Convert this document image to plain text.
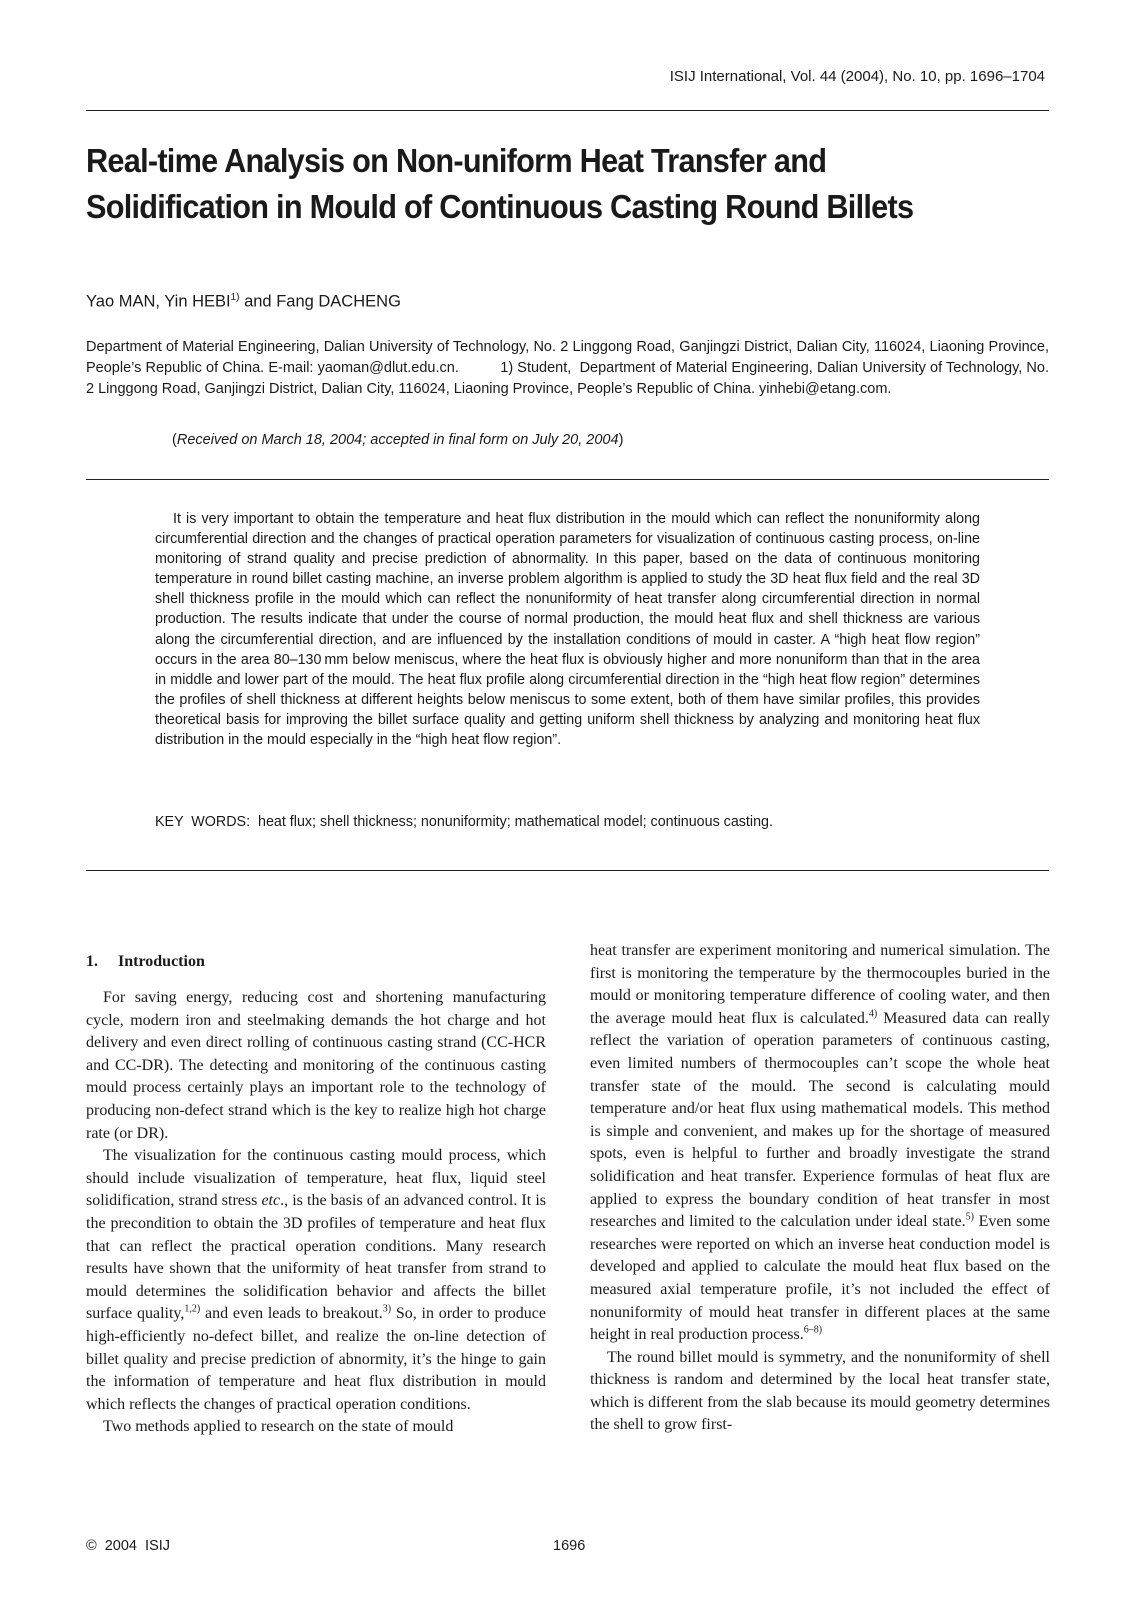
ISIJ International, Vol. 44 (2004), No. 10, pp. 1696–1704
Real-time Analysis on Non-uniform Heat Transfer and
Solidification in Mould of Continuous Casting Round Billets
Yao MAN, Yin HEBI$^{1)}$ and Fang DACHENG
Department of Material Engineering, Dalian University of Technology, No. 2 Linggong Road, Ganjingzi District, Dalian City, 116024, Liaoning Province, People’s Republic of China. E-mail: yaoman@dlut.edu.cn.          1) Student,  Department of Material Engineering, Dalian University of Technology, No. 2 Linggong Road, Ganjingzi District, Dalian City, 116024, Liaoning Province, People’s Republic of China. yinhebi@etang.com.
(Received on March 18, 2004; accepted in final form on July 20, 2004)

It is very important to obtain the temperature and heat flux distribution in the mould which can reflect the nonuniformity along circumferential direction and the changes of practical operation parameters for visualization of continuous casting process, on-line monitoring of strand quality and precise prediction of abnormality. In this paper, based on the data of continuous monitoring temperature in round billet casting machine, an inverse problem algorithm is applied to study the 3D heat flux field and the real 3D shell thickness profile in the mould which can reflect the nonuniformity of heat transfer along circumferential direction in normal production. The results indicate that under the course of normal production, the mould heat flux and shell thickness are various along the circumferential direction, and are influenced by the installation conditions of mould in caster. A “high heat flow region” occurs in the area 80–130 mm below meniscus, where the heat flux is obviously higher and more nonuniform than that in the area in middle and lower part of the mould. The heat flux profile along circumferential direction in the “high heat flow region” determines the profiles of shell thickness at different heights below meniscus to some extent, both of them have similar profiles, this provides theoretical basis for improving the billet surface quality and getting uniform shell thickness by analyzing and monitoring heat flux distribution in the mould especially in the “high heat flow region”.

KEY  WORDS:  heat flux; shell thickness; nonuniformity; mathematical model; continuous casting.
1.  Introduction

For saving energy, reducing cost and shortening manufacturing cycle, modern iron and steelmaking demands the hot charge and hot delivery and even direct rolling of continuous casting strand (CC-HCR and CC-DR). The detecting and monitoring of the continuous casting mould process certainly plays an important role to the technology of producing non-defect strand which is the key to realize high hot charge rate (or DR).

The visualization for the continuous casting mould process, which should include visualization of temperature, heat flux, liquid steel solidification, strand stress etc., is the basis of an advanced control. It is the precondition to obtain the 3D profiles of temperature and heat flux that can reflect the practical operation conditions. Many research results have shown that the uniformity of heat transfer from strand to mould determines the solidification behavior and affects the billet surface quality,$^{1,2)}$ and even leads to breakout.$^{3)}$ So, in order to produce high-efficiently no-defect billet, and realize the on-line detection of billet quality and precise prediction of abnormity, it’s the hinge to gain the information of temperature and heat flux distribution in mould which reflects the changes of practical operation conditions.

Two methods applied to research on the state of mould

heat transfer are experiment monitoring and numerical simulation. The first is monitoring the temperature by the thermocouples buried in the mould or monitoring temperature difference of cooling water, and then the average mould heat flux is calculated.$^{4)}$ Measured data can really reflect the variation of operation parameters of continuous casting, even limited numbers of thermocouples can’t scope the whole heat transfer state of the mould. The second is calculating mould temperature and/or heat flux using mathematical models. This method is simple and convenient, and makes up for the shortage of measured spots, even is helpful to further and broadly investigate the strand solidification and heat transfer. Experience formulas of heat flux are applied to express the boundary condition of heat transfer in most researches and limited to the calculation under ideal state.$^{5)}$ Even some researches were reported on which an inverse heat conduction model is developed and applied to calculate the mould heat flux based on the measured axial temperature profile, it’s not included the effect of nonuniformity of mould heat transfer in different places at the same height in real production process.$^{6-8)}$

The round billet mould is symmetry, and the nonuniformity of shell thickness is random and determined by the local heat transfer state, which is different from the slab because its mould geometry determines the shell to grow first-

©  2004  ISIJ	1696
